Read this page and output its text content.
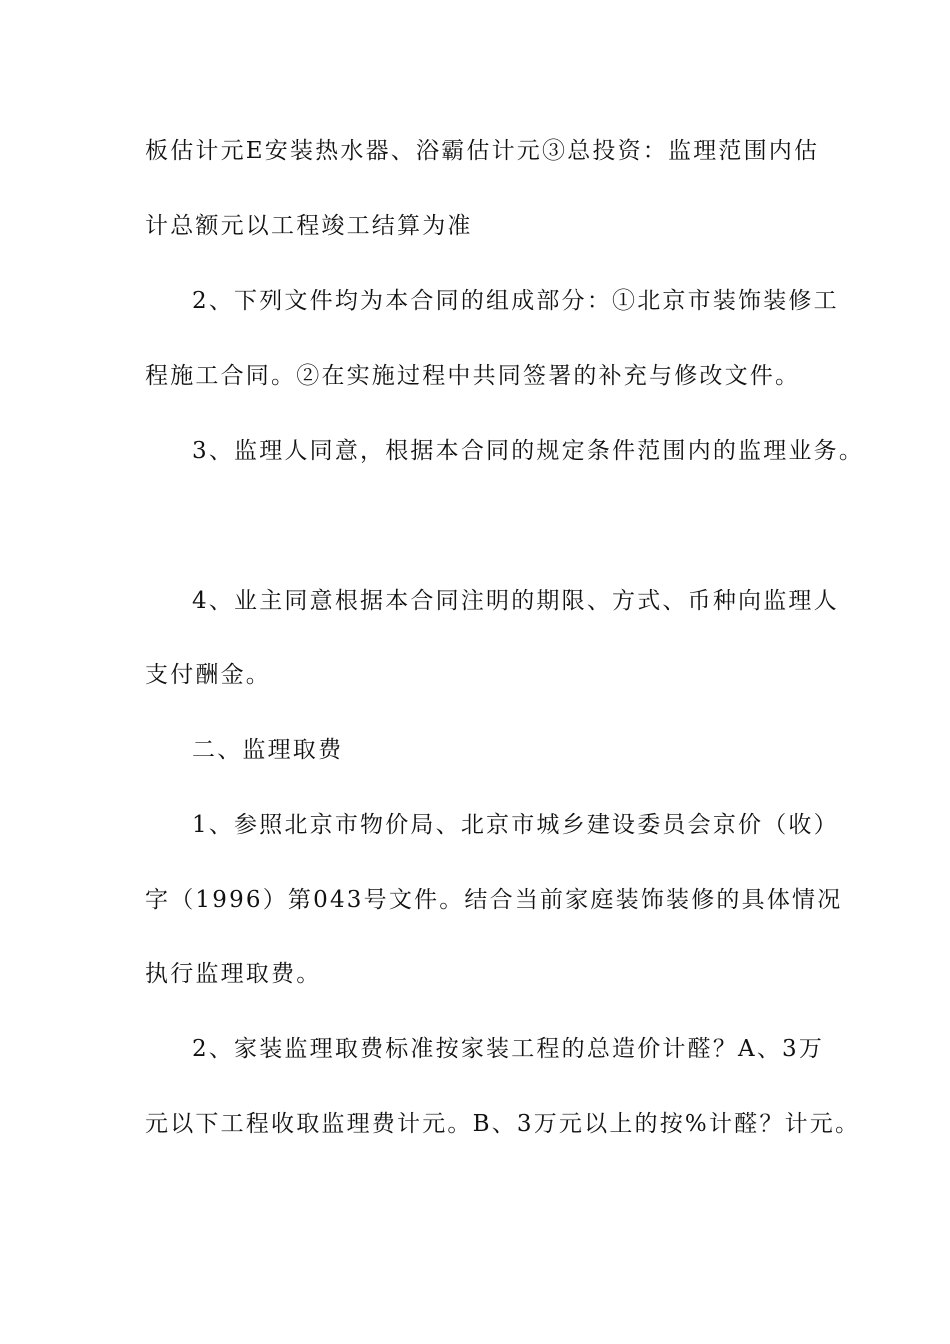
板估计元E安装热水器、浴霸估计元③总投资：监理范围内估

计总额元以工程竣工结算为准

2、下列文件均为本合同的组成部分：①北京市装饰装修工

程施工合同。②在实施过程中共同签署的补充与修改文件。

3、监理人同意，根据本合同的规定条件范围内的监理业务。

4、业主同意根据本合同注明的期限、方式、币种向监理人

支付酬金。

二、监理取费

1、参照北京市物价局、北京市城乡建设委员会京价（收）

字（1996）第043号文件。结合当前家庭装饰装修的具体情况

执行监理取费。

2、家装监理取费标准按家装工程的总造价计醛？A、3万

元以下工程收取监理费计元。B、3万元以上的按%计醛？计元。
